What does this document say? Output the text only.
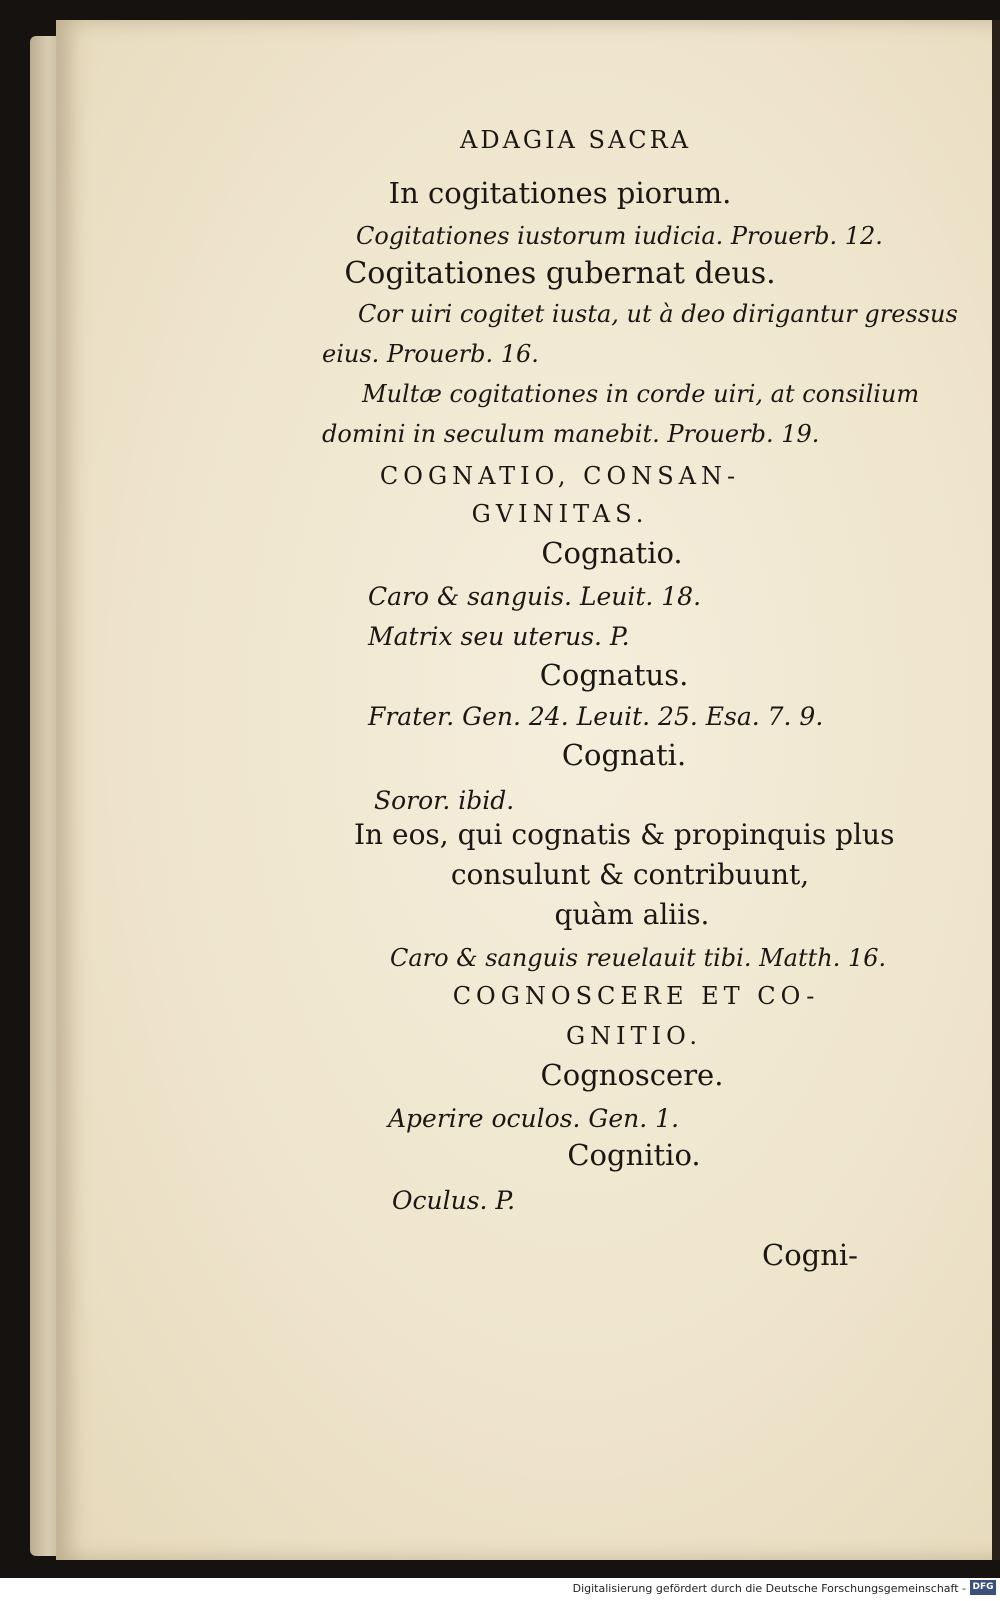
ADAGIA SACRA
In cogitationes piorum.
Cogitationes iustorum iudicia. Prouerb. 12.
Cogitationes gubernat deus.
Cor uiri cogitet iusta, ut à deo dirigantur gressus
eius. Prouerb. 16.
Multæ cogitationes in corde uiri, at consilium
domini in seculum manebit. Prouerb. 19.
COGNATIO, CONSAN-
GVINITAS.
Cognatio.
Caro & sanguis. Leuit. 18.
Matrix seu uterus. P.
Cognatus.
Frater. Gen. 24. Leuit. 25. Esa. 7. 9.
Cognati.
Soror. ibid.
In eos, qui cognatis & propinquis plus
consulunt & contribuunt,
quàm aliis.
Caro & sanguis reuelauit tibi. Matth. 16.
COGNOSCERE ET CO-
GNITIO.
Cognoscere.
Aperire oculos. Gen. 1.
Cognitio.
Oculus. P.
Cogni-
Digitalisierung gefördert durch die Deutsche Forschungsgemeinschaft - DFG
